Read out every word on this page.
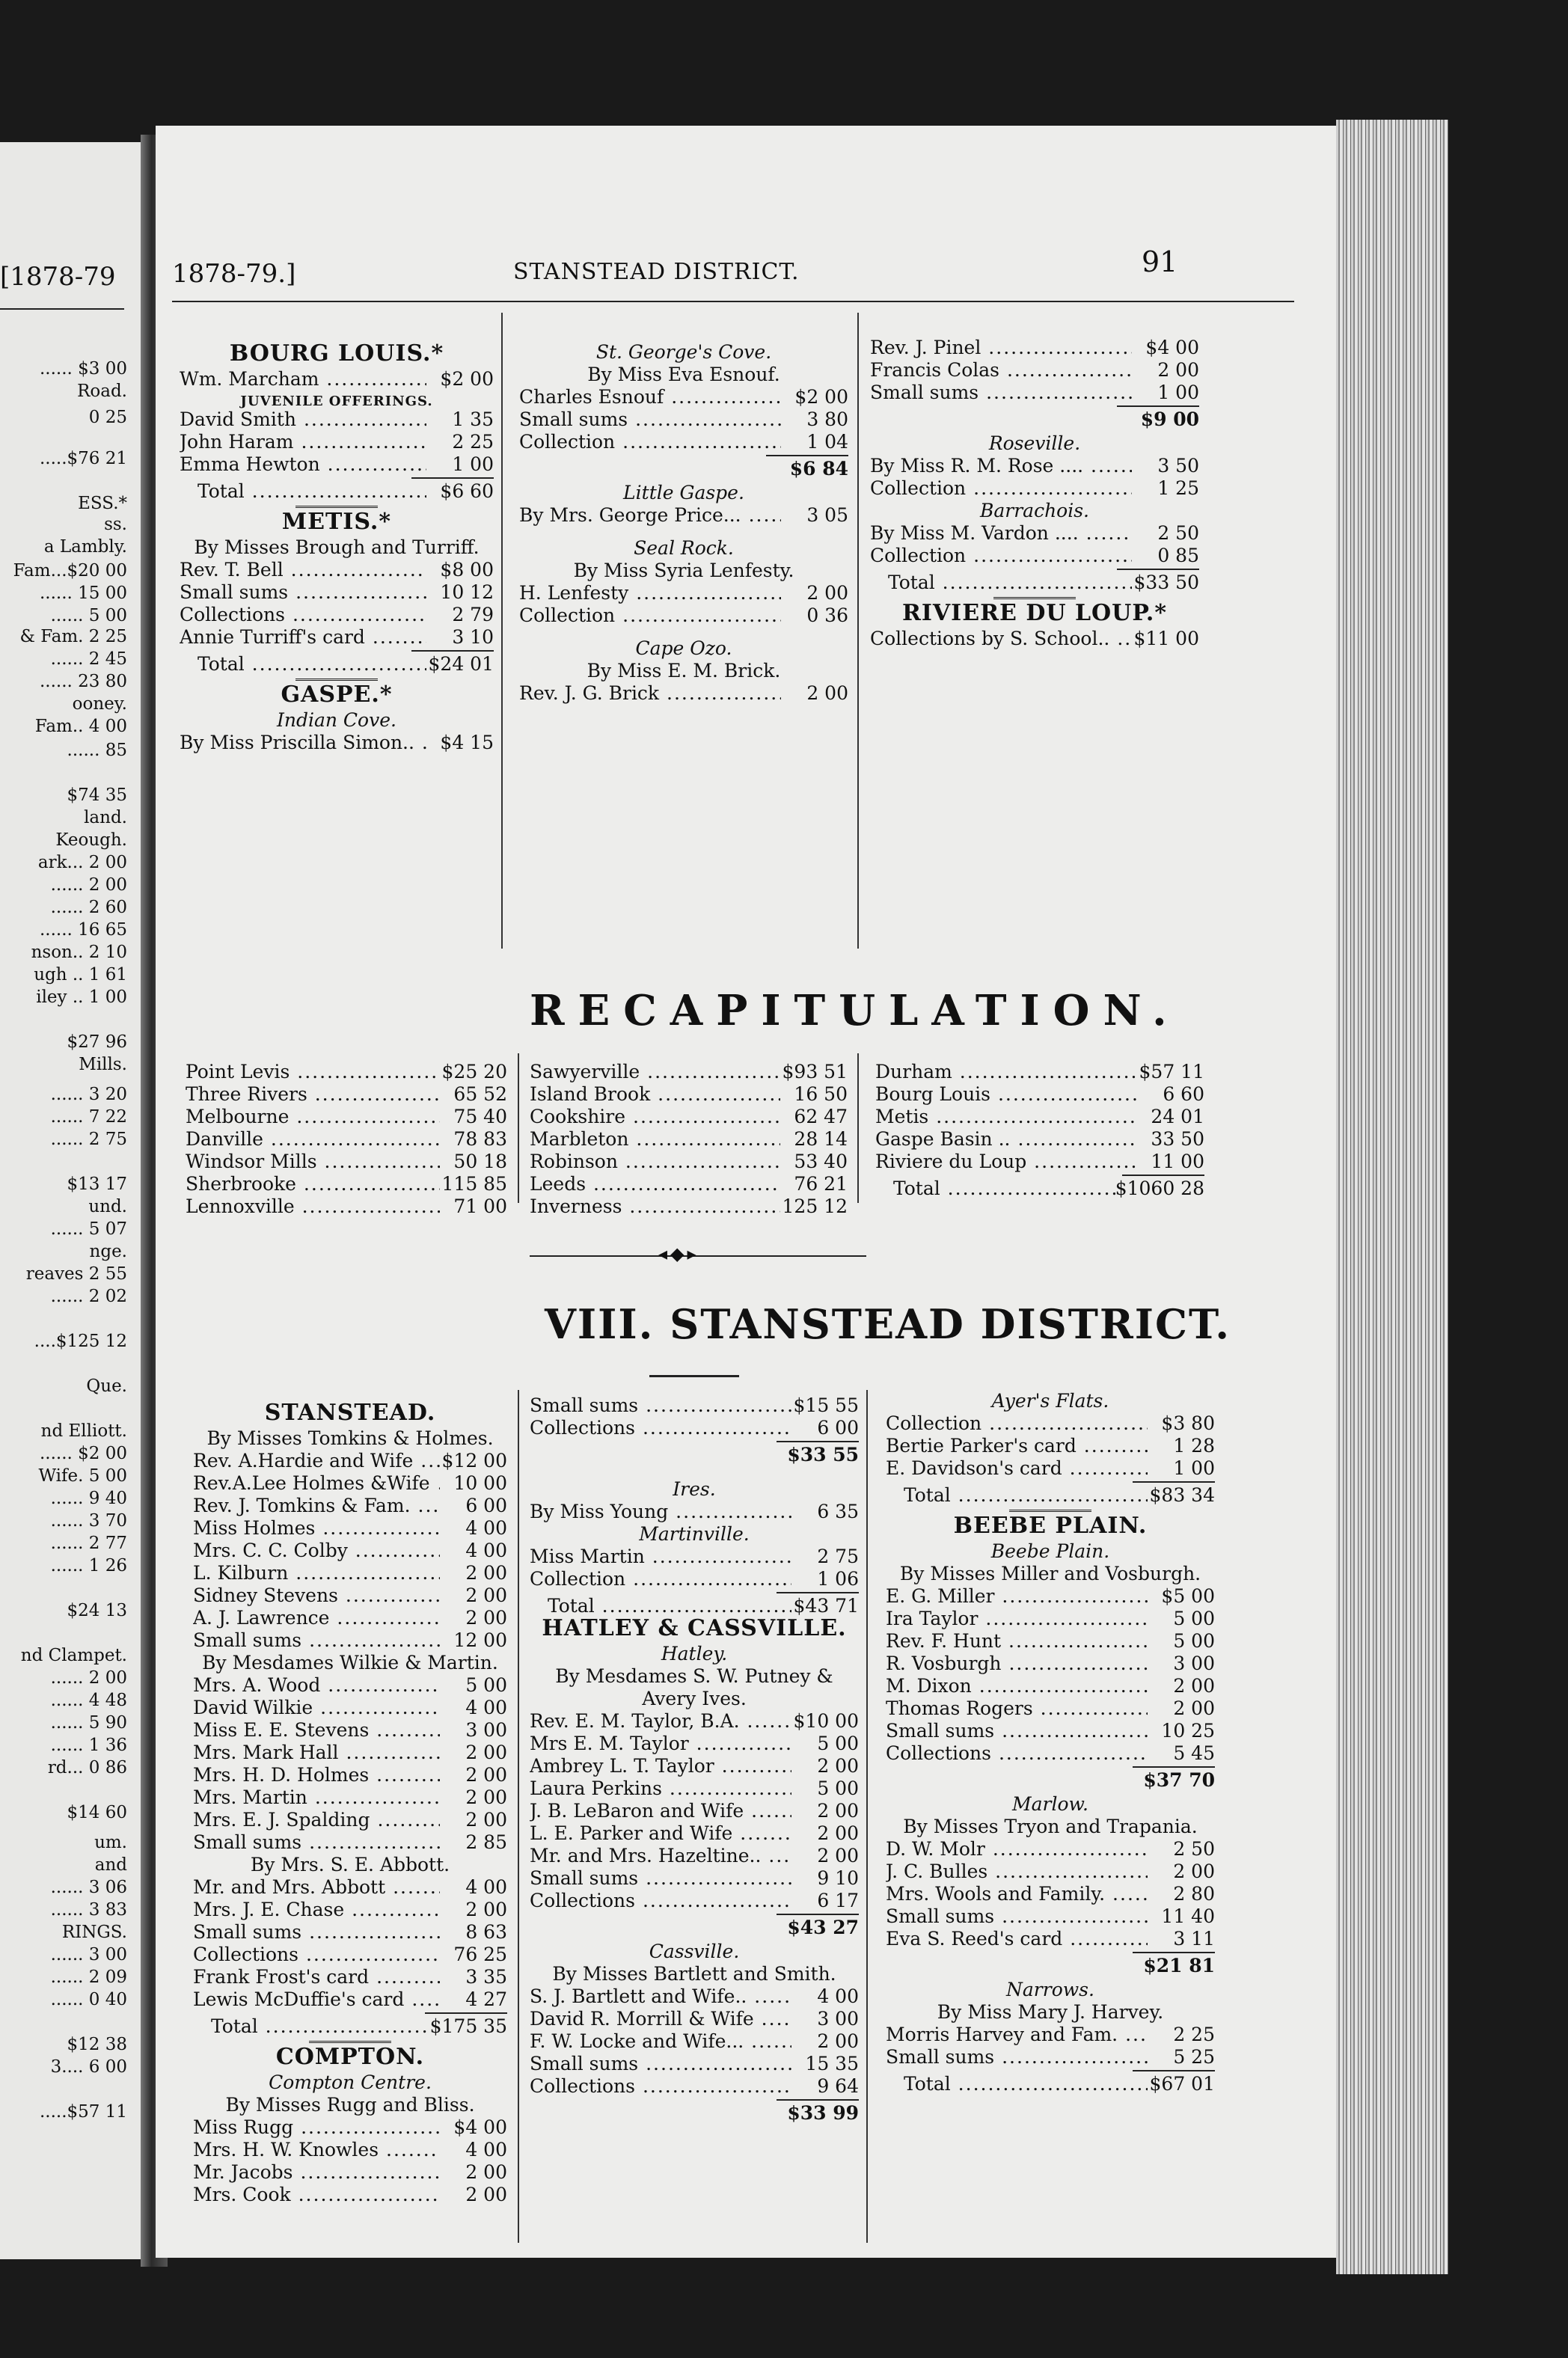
[1878-79
...... $3 00
Road.
0 25
.....$76 21
ESS.*
ss.
a Lambly.
Fam...$20 00
...... 15 00
...... 5 00
& Fam. 2 25
...... 2 45
...... 23 80
ooney.
Fam.. 4 00
...... 85
$74 35
land.
Keough.
ark... 2 00
...... 2 00
...... 2 60
...... 16 65
nson.. 2 10
ugh .. 1 61
iley .. 1 00
$27 96
Mills.
...... 3 20
...... 7 22
...... 2 75
$13 17
und.
...... 5 07
nge.
reaves 2 55
...... 2 02
....$125 12
Que.
nd Elliott.
...... $2 00
Wife. 5 00
...... 9 40
...... 3 70
...... 2 77
...... 1 26
$24 13
nd Clampet.
...... 2 00
...... 4 48
...... 5 90
...... 1 36
rd... 0 86
$14 60
um.
and
...... 3 06
...... 3 83
RINGS.
...... 3 00
...... 2 09
...... 0 40
$12 38
3.... 6 00
.....$57 11
1878-79.]	STANSTEAD DISTRICT.	91
BOURG LOUIS.*
Wm. Marcham .....	$2 00
JUVENILE OFFERINGS.
David Smith .....	1 35
John Haram .....	2 25
Emma Hewton .....	1 00
Total .....	$6 60
METIS.*
By Misses Brough and Turriff.
Rev. T. Bell .....	$8 00
Small sums .....	10 12
Collections .....	2 79
Annie Turriff's card .....	3 10
Total .....	$24 01
GASPE.*
Indian Cove.
By Miss Priscilla Simon.. .....	$4 15
St. George's Cove.
By Miss Eva Esnouf.
Charles Esnouf .....	$2 00
Small sums .....	3 80
Collection .....	1 04
$6 84
Little Gaspe.
By Mrs. George Price... .....	3 05
Seal Rock.
By Miss Syria Lenfesty.
H. Lenfesty .....	2 00
Collection .....	0 36
Cape Ozo.
By Miss E. M. Brick.
Rev. J. G. Brick .....	2 00
Rev. J. Pinel .....	$4 00
Francis Colas .....	2 00
Small sums .....	1 00
$9 00
Roseville.
By Miss R. M. Rose .... .....	3 50
Collection .....	1 25
Barrachois.
By Miss M. Vardon .... .....	2 50
Collection .....	0 85
Total .....	$33 50
RIVIERE DU LOUP.*
Collections by S. School.. .....	$11 00
RECAPITULATION.
Point Levis .....	$25 20
Three Rivers .....	65 52
Melbourne .....	75 40
Danville .....	78 83
Windsor Mills .....	50 18
Sherbrooke .....	115 85
Lennoxville .....	71 00
Sawyerville .....	$93 51
Island Brook .....	16 50
Cookshire .....	62 47
Marbleton .....	28 14
Robinson .....	53 40
Leeds .....	76 21
Inverness .....	125 12
Durham .....	$57 11
Bourg Louis .....	6 60
Metis .....	24 01
Gaspe Basin .. .....	33 50
Riviere du Loup .....	11 00
Total .....	$1060 28
◂◆▸
VIII. STANSTEAD DISTRICT.
STANSTEAD.
By Misses Tomkins & Holmes.
Rev. A.Hardie and Wife .....	$12 00
Rev.A.Lee Holmes &Wife .....	10 00
Rev. J. Tomkins & Fam. .....	6 00
Miss Holmes .....	4 00
Mrs. C. C. Colby .....	4 00
L. Kilburn .....	2 00
Sidney Stevens .....	2 00
A. J. Lawrence .....	2 00
Small sums .....	12 00
By Mesdames Wilkie & Martin.
Mrs. A. Wood .....	5 00
David Wilkie .....	4 00
Miss E. E. Stevens .....	3 00
Mrs. Mark Hall .....	2 00
Mrs. H. D. Holmes .....	2 00
Mrs. Martin .....	2 00
Mrs. E. J. Spalding .....	2 00
Small sums .....	2 85
By Mrs. S. E. Abbott.
Mr. and Mrs. Abbott .....	4 00
Mrs. J. E. Chase .....	2 00
Small sums .....	8 63
Collections .....	76 25
Frank Frost's card .....	3 35
Lewis McDuffie's card .....	4 27
Total .....	$175 35
COMPTON.
Compton Centre.
By Misses Rugg and Bliss.
Miss Rugg .....	$4 00
Mrs. H. W. Knowles .....	4 00
Mr. Jacobs .....	2 00
Mrs. Cook .....	2 00
Small sums .....	$15 55
Collections .....	6 00
$33 55
Ires.
By Miss Young .....	6 35
Martinville.
Miss Martin .....	2 75
Collection .....	1 06
Total .....	$43 71
HATLEY & CASSVILLE.
Hatley.
By Mesdames S. W. Putney &
Avery Ives.
Rev. E. M. Taylor, B.A. .....	$10 00
Mrs E. M. Taylor .....	5 00
Ambrey L. T. Taylor .....	2 00
Laura Perkins .....	5 00
J. B. LeBaron and Wife .....	2 00
L. E. Parker and Wife .....	2 00
Mr. and Mrs. Hazeltine.. .....	2 00
Small sums .....	9 10
Collections .....	6 17
$43 27
Cassville.
By Misses Bartlett and Smith.
S. J. Bartlett and Wife.. .....	4 00
David R. Morrill & Wife .....	3 00
F. W. Locke and Wife... .....	2 00
Small sums .....	15 35
Collections .....	9 64
$33 99
Ayer's Flats.
Collection .....	$3 80
Bertie Parker's card .....	1 28
E. Davidson's card .....	1 00
Total .....	$83 34
BEEBE PLAIN.
Beebe Plain.
By Misses Miller and Vosburgh.
E. G. Miller .....	$5 00
Ira Taylor .....	5 00
Rev. F. Hunt .....	5 00
R. Vosburgh .....	3 00
M. Dixon .....	2 00
Thomas Rogers .....	2 00
Small sums .....	10 25
Collections .....	5 45
$37 70
Marlow.
By Misses Tryon and Trapania.
D. W. Molr .....	2 50
J. C. Bulles .....	2 00
Mrs. Wools and Family. .....	2 80
Small sums .....	11 40
Eva S. Reed's card .....	3 11
$21 81
Narrows.
By Miss Mary J. Harvey.
Morris Harvey and Fam. .....	2 25
Small sums .....	5 25
Total .....	$67 01
